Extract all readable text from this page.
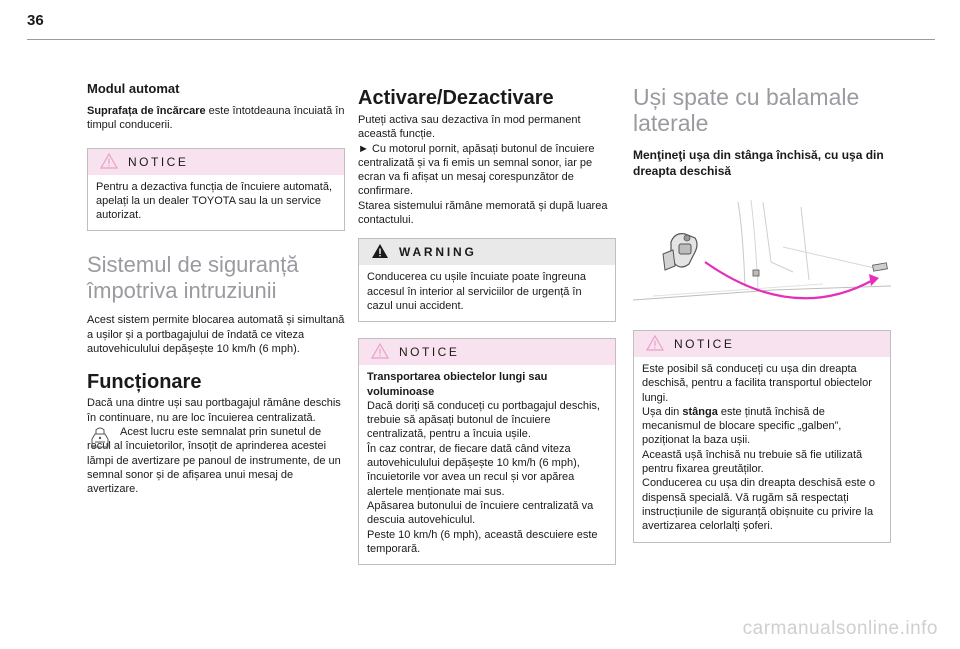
36
Modul automat

Suprafața de încărcare este întotdeauna încuiată în timpul conducerii.

NOTICE

Pentru a dezactiva funcția de încuiere automată, apelați la un dealer TOYOTA sau la un service autorizat.

Sistemul de siguranță
împotriva intruziunii

Acest sistem permite blocarea automată și simultană a ușilor și a portbagajului de îndată ce viteza autovehiculului depășește 10 km/h (6 mph).

Funcționare

Dacă una dintre uși sau portbagajul rămâne deschis în continuare, nu are loc încuierea centralizată.

Acest lucru este semnalat prin sunetul de recul al încuietorilor, însoțit de aprinderea acestei lămpi de avertizare pe panoul de instrumente, de un semnal sonor și de afișarea unui mesaj de avertizare.

Activare/Dezactivare

Puteți activa sau dezactiva în mod permanent această funcție.
► Cu motorul pornit, apăsați butonul de încuiere centralizată și va fi emis un semnal sonor, iar pe ecran va fi afișat un mesaj corespunzător de confirmare.
Starea sistemului rămâne memorată și după luarea contactului.

WARNING

Conducerea cu ușile încuiate poate îngreuna accesul în interior al serviciilor de urgență în cazul unui accident.

NOTICE

Transportarea obiectelor lungi sau voluminoase

Dacă doriți să conduceți cu portbagajul deschis, trebuie să apăsați butonul de încuiere centralizată, pentru a încuia ușile.
În caz contrar, de fiecare dată când viteza autovehiculului depășește 10 km/h (6 mph), încuietorile vor avea un recul și vor apărea alertele menționate mai sus.
Apăsarea butonului de încuiere centralizată va descuia autovehiculul.
Peste 10 km/h (6 mph), această descuiere este temporară.

Uși spate cu balamale
laterale
Menţineţi uşa din stânga închisă, cu uşa din dreapta deschisă
NOTICE

Este posibil să conduceți cu ușa din dreapta deschisă, pentru a facilita transportul obiectelor lungi.

Ușa din stânga este ținută închisă de mecanismul de blocare specific „galben”, poziționat la baza ușii.

Această ușă închisă nu trebuie să fie utilizată pentru fixarea greutăților.

Conducerea cu ușa din dreapta deschisă este o dispensă specială. Vă rugăm să respectați instrucțiunile de siguranță obișnuite cu privire la avertizarea celorlalți șoferi.

carmanualsonline.info
